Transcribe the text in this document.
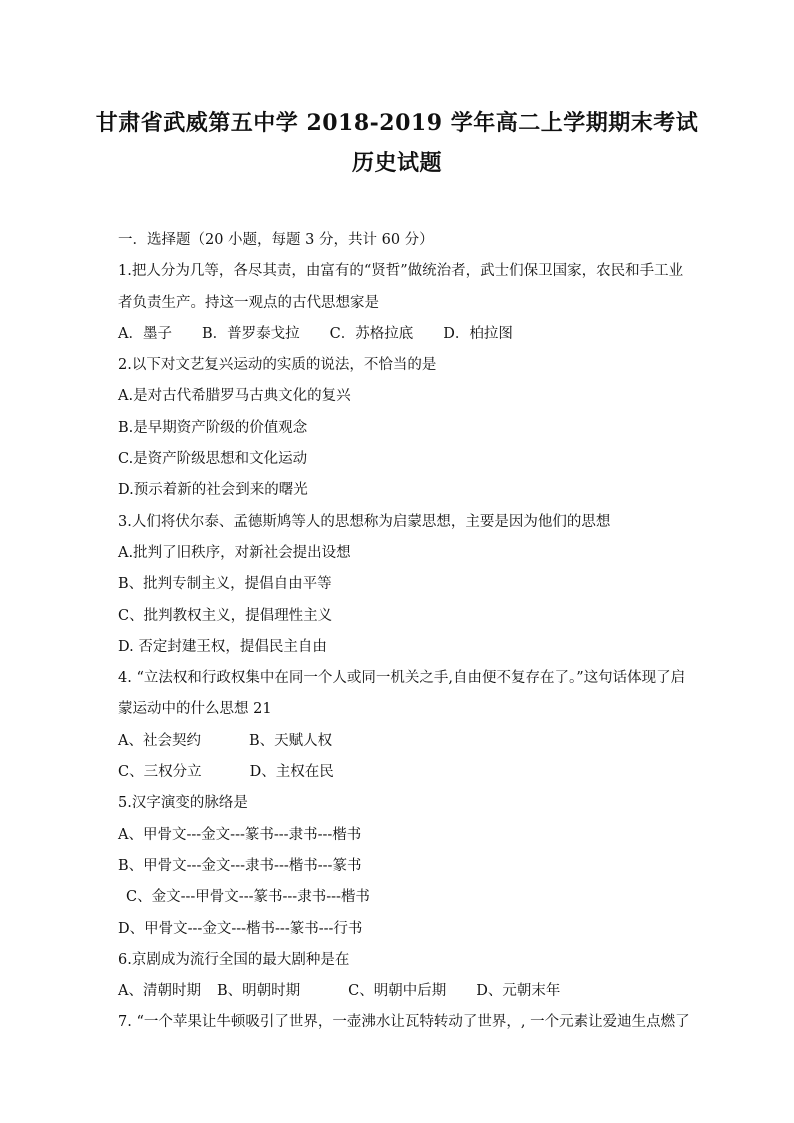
甘肃省武威第五中学 2018-2019 学年高二上学期期末考试
历史试题
一．选择题（20 小题，每题 3 分，共计 60 分）
1.把人分为几等，各尽其责，由富有的“贤哲”做统治者，武士们保卫国家，农民和手工业
者负责生产。持这一观点的古代思想家是
A．墨子 B．普罗泰戈拉 C．苏格拉底 D．柏拉图
2.以下对文艺复兴运动的实质的说法，不恰当的是
A.是对古代希腊罗马古典文化的复兴
B.是早期资产阶级的价值观念
C.是资产阶级思想和文化运动
D.预示着新的社会到来的曙光
3.人们将伏尔泰、孟德斯鸠等人的思想称为启蒙思想，主要是因为他们的思想
A.批判了旧秩序，对新社会提出设想
B、批判专制主义，提倡自由平等
C、批判教权主义，提倡理性主义
D. 否定封建王权，提倡民主自由
4. “立法权和行政权集中在同一个人或同一机关之手,自由便不复存在了。”这句话体现了启
蒙运动中的什么思想 21
A、社会契约	B、天赋人权
C、三权分立	D、主权在民
5.汉字演变的脉络是
A、甲骨文---金文---篆书---隶书---楷书
B、甲骨文---金文---隶书---楷书---篆书
C、金文---甲骨文---篆书---隶书---楷书
D、甲骨文---金文---楷书---篆书---行书
6.京剧成为流行全国的最大剧种是在
A、清朝时期 B、明朝时期	C、明朝中后期 D、元朝末年
7. “一个苹果让牛顿吸引了世界，一壶沸水让瓦特转动了世界，, 一个元素让爱迪生点燃了
